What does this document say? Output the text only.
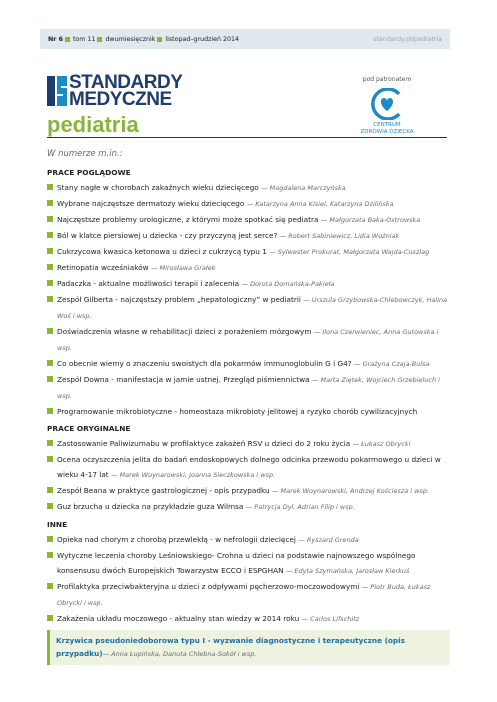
Nr 6 tom 11 dwumiesięcznik listopad–grudzień 2014	standardy.pl/pediatria
STANDARDY
MEDYCZNE
pediatria
pod patronatem
CENTRUM
ZDROWIA DZIECKA
W numerze m.in.:
PRACE POGLĄDOWE
Stany nagłe w chorobach zakaźnych wieku dziecięcego — Magdalena Marczyńska
Wybrane najczęstsze dermatozy wieku dziecięcego — Katarzyna Anna Kisiel, Katarzyna Dzilińska
Najczęstsze problemy urologiczne, z którymi może spotkać się pediatra — Małgorzata Baka-Ostrowska
Ból w klatce piersiowej u dziecka - czy przyczyną jest serce? — Robert Sabiniewicz, Lidia Woźniak
Cukrzycowa kwasica ketonowa u dzieci z cukrzycą typu 1 — Sylwester Prokurat, Małgorzata Wajda-Cuszlag
Retinopatia wcześniaków — Mirosława Grałek
Padaczka - aktualne możliwości terapii i zalecenia — Dorota Domańska-Pakieła
Zespół Gilberta - najczęstszy problem „hepatologiczny” w pediatrii — Urszula Grzybowska-Chlebowczyk, Halina Woś i wsp.
Doświadczenia własne w rehabilitacji dzieci z porażeniem mózgowym — Ilona Czerwieniec, Anna Gutowska i wsp.
Co obecnie wiemy o znaczeniu swoistych dla pokarmów immunoglobulin G i G4? — Grażyna Czaja-Bulsa
Zespół Downa - manifestacja w jamie ustnej. Przegląd piśmiennictwa — Marta Ziętek, Wojciech Grzebieluch i wsp.
Programowanie mikrobiotyczne - homeostaza mikrobioty jelitowej a ryzyko chorób cywilizacyjnych
PRACE ORYGINALNE
Zastosowanie Paliwizumabu w profilaktyce zakażeń RSV u dzieci do 2 roku życia — Łukasz Obrycki
Ocena oczyszczenia jelita do badań endoskopowych dolnego odcinka przewodu pokarmowego u dzieci w wieku 4-17 lat — Marek Woynarowski, Joanna Sieczkowska i wsp.
Zespół Beana w praktyce gastrologicznej - opis przypadku — Marek Woynarowski, Andrzej Kościesza i wsp.
Guz brzucha u dziecka na przykładzie guza Wilmsa — Patrycja Dyl, Adrian Filip i wsp.
INNE
Opieka nad chorym z chorobą przewlekłą - w nefrologii dziecięcej — Ryszard Grenda
Wytyczne leczenia choroby Leśniowskiego- Crohna u dzieci na podstawie najnowszego wspólnego konsensusu dwóch Europejskich Towarzystw ECCO i ESPGHAN — Edyta Szymańska, Jarosław Kierkuś
Profilaktyka przeciwbakteryjna u dzieci z odpływami pęcherzowo-moczowodowymi — Piotr Buda, Łukasz Obrycki i wsp.
Zakażenia układu moczowego - aktualny stan wiedzy w 2014 roku — Carlos Lifschitz
Krzywica pseudoniedoborowa typu I - wyzwanie diagnostyczne i terapeutyczne (opis przypadku)— Anna Łupińska, Danuta Chlebna-Sokół i wsp.
